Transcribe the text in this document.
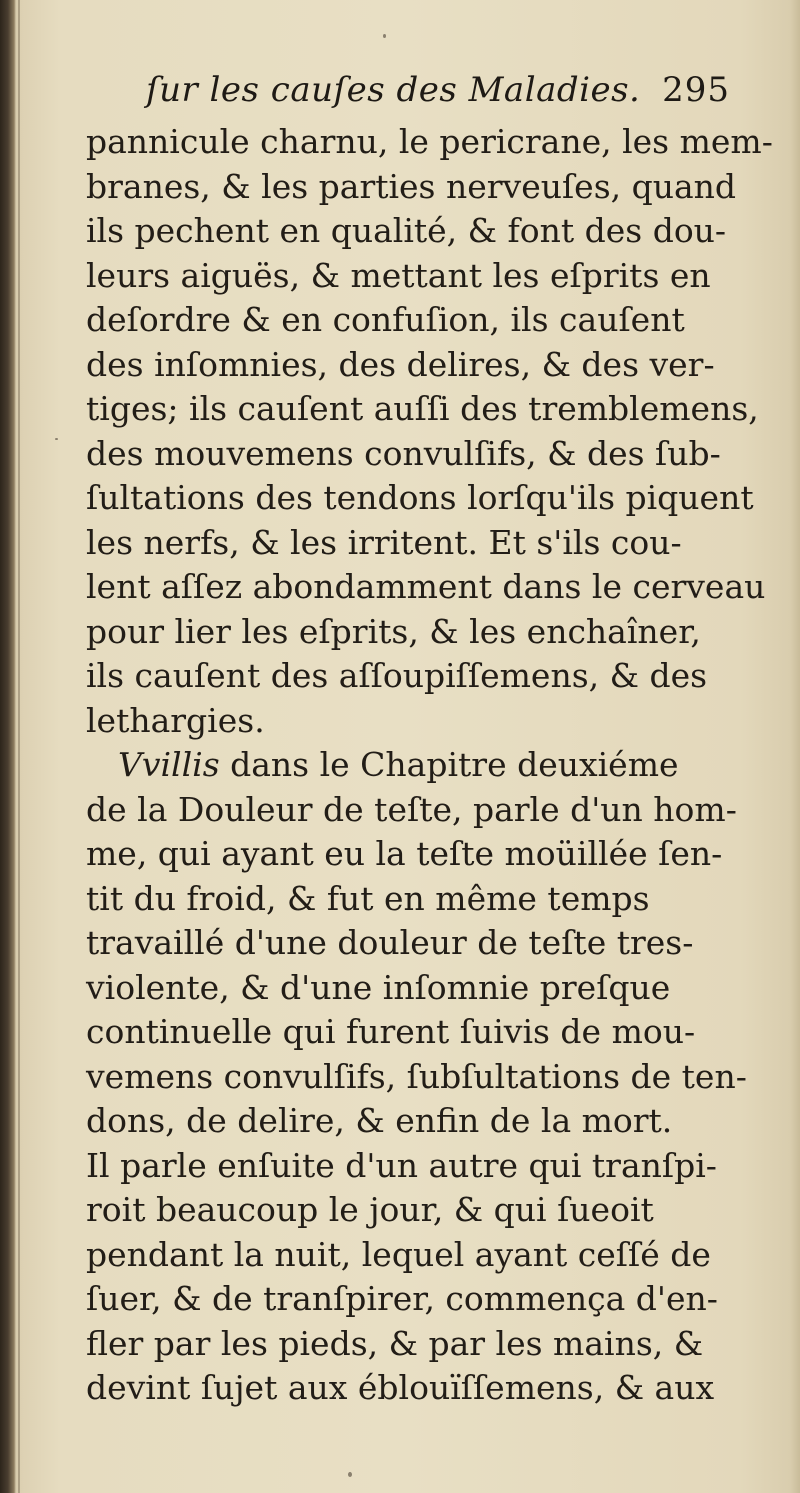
ſur les cauſes des Maladies. 295
pannicule charnu, le pericrane, les mem-
branes, & les parties nerveuſes, quand
ils pechent en qualité, & font des dou-
leurs aiguës, & mettant les eſprits en
deſordre & en confuſion, ils cauſent
des inſomnies, des delires, & des ver-
tiges; ils cauſent auſſi des tremblemens,
des mouvemens convulſifs, & des ſub-
ſultations des tendons lorſqu'ils piquent
les nerfs, & les irritent. Et s'ils cou-
lent aſſez abondamment dans le cerveau
pour lier les eſprits, & les enchaîner,
ils cauſent des aſſoupiſſemens, & des
lethargies.
Vvillis dans le Chapitre deuxiéme
de la Douleur de teſte, parle d'un hom-
me, qui ayant eu la teſte moüillée ſen-
tit du froid, & fut en même temps
travaillé d'une douleur de teſte tres-
violente, & d'une inſomnie preſque
continuelle qui furent ſuivis de mou-
vemens convulſifs, ſubſultations de ten-
dons, de delire, & enfin de la mort.
Il parle enſuite d'un autre qui tranſpi-
roit beaucoup le jour, & qui ſueoit
pendant la nuit, lequel ayant ceſſé de
ſuer, & de tranſpirer, commença d'en-
fler par les pieds, & par les mains, &
devint ſujet aux éblouïſſemens, & aux
